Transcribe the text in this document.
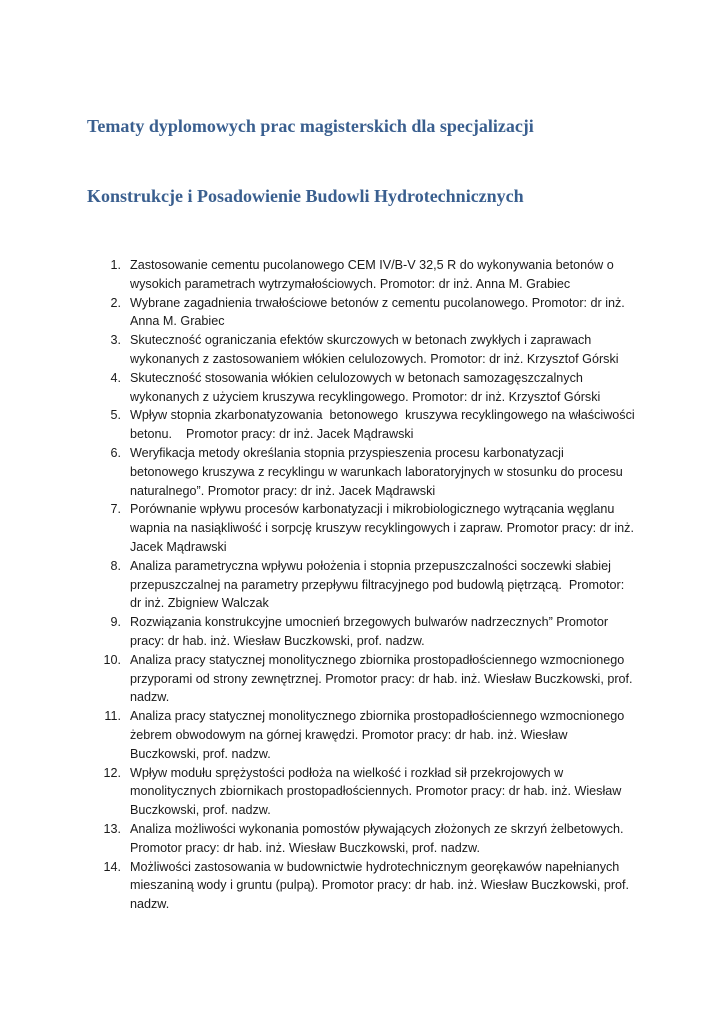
Tematy dyplomowych prac magisterskich dla specjalizacji
Konstrukcje i Posadowienie Budowli Hydrotechnicznych
1. Zastosowanie cementu pucolanowego CEM IV/B-V 32,5 R do wykonywania betonów o wysokich parametrach wytrzymałościowych. Promotor: dr inż. Anna M. Grabiec
2. Wybrane zagadnienia trwałościowe betonów z cementu pucolanowego. Promotor: dr inż. Anna M. Grabiec
3. Skuteczność ograniczania efektów skurczowych w betonach zwykłych i zaprawach wykonanych z zastosowaniem włókien celulozowych. Promotor: dr inż. Krzysztof Górski
4. Skuteczność stosowania włókien celulozowych w betonach samozagęszczalnych wykonanych z użyciem kruszywa recyklingowego. Promotor: dr inż. Krzysztof Górski
5. Wpływ stopnia zkarbonatyzowania  betonowego  kruszywa recyklingowego na właściwości betonu.    Promotor pracy: dr inż. Jacek Mądrawski
6. Weryfikacja metody określania stopnia przyspieszenia procesu karbonatyzacji betonowego kruszywa z recyklingu w warunkach laboratoryjnych w stosunku do procesu naturalnego”. Promotor pracy: dr inż. Jacek Mądrawski
7. Porównanie wpływu procesów karbonatyzacji i mikrobiologicznego wytrącania węglanu wapnia na nasiąkliwość i sorpcję kruszyw recyklingowych i zapraw. Promotor pracy: dr inż. Jacek Mądrawski
8. Analiza parametryczna wpływu położenia i stopnia przepuszczalności soczewki słabiej przepuszczalnej na parametry przepływu filtracyjnego pod budowlą piętrzącą.  Promotor: dr inż. Zbigniew Walczak
9. Rozwiązania konstrukcyjne umocnień brzegowych bulwarów nadrzecznych” Promotor pracy: dr hab. inż. Wiesław Buczkowski, prof. nadzw.
10. Analiza pracy statycznej monolitycznego zbiornika prostopadłościennego wzmocnionego przyporami od strony zewnętrznej. Promotor pracy: dr hab. inż. Wiesław Buczkowski, prof. nadzw.
11. Analiza pracy statycznej monolitycznego zbiornika prostopadłościennego wzmocnionego żebrem obwodowym na górnej krawędzi. Promotor pracy: dr hab. inż. Wiesław Buczkowski, prof. nadzw.
12. Wpływ modułu sprężystości podłoża na wielkość i rozkład sił przekrojowych w monolitycznych zbiornikach prostopadłościennych. Promotor pracy: dr hab. inż. Wiesław Buczkowski, prof. nadzw.
13. Analiza możliwości wykonania pomostów pływających złożonych ze skrzyń żelbetowych. Promotor pracy: dr hab. inż. Wiesław Buczkowski, prof. nadzw.
14. Możliwości zastosowania w budownictwie hydrotechnicznym georękawów napełnianych mieszaniną wody i gruntu (pulpą). Promotor pracy: dr hab. inż. Wiesław Buczkowski, prof. nadzw.
